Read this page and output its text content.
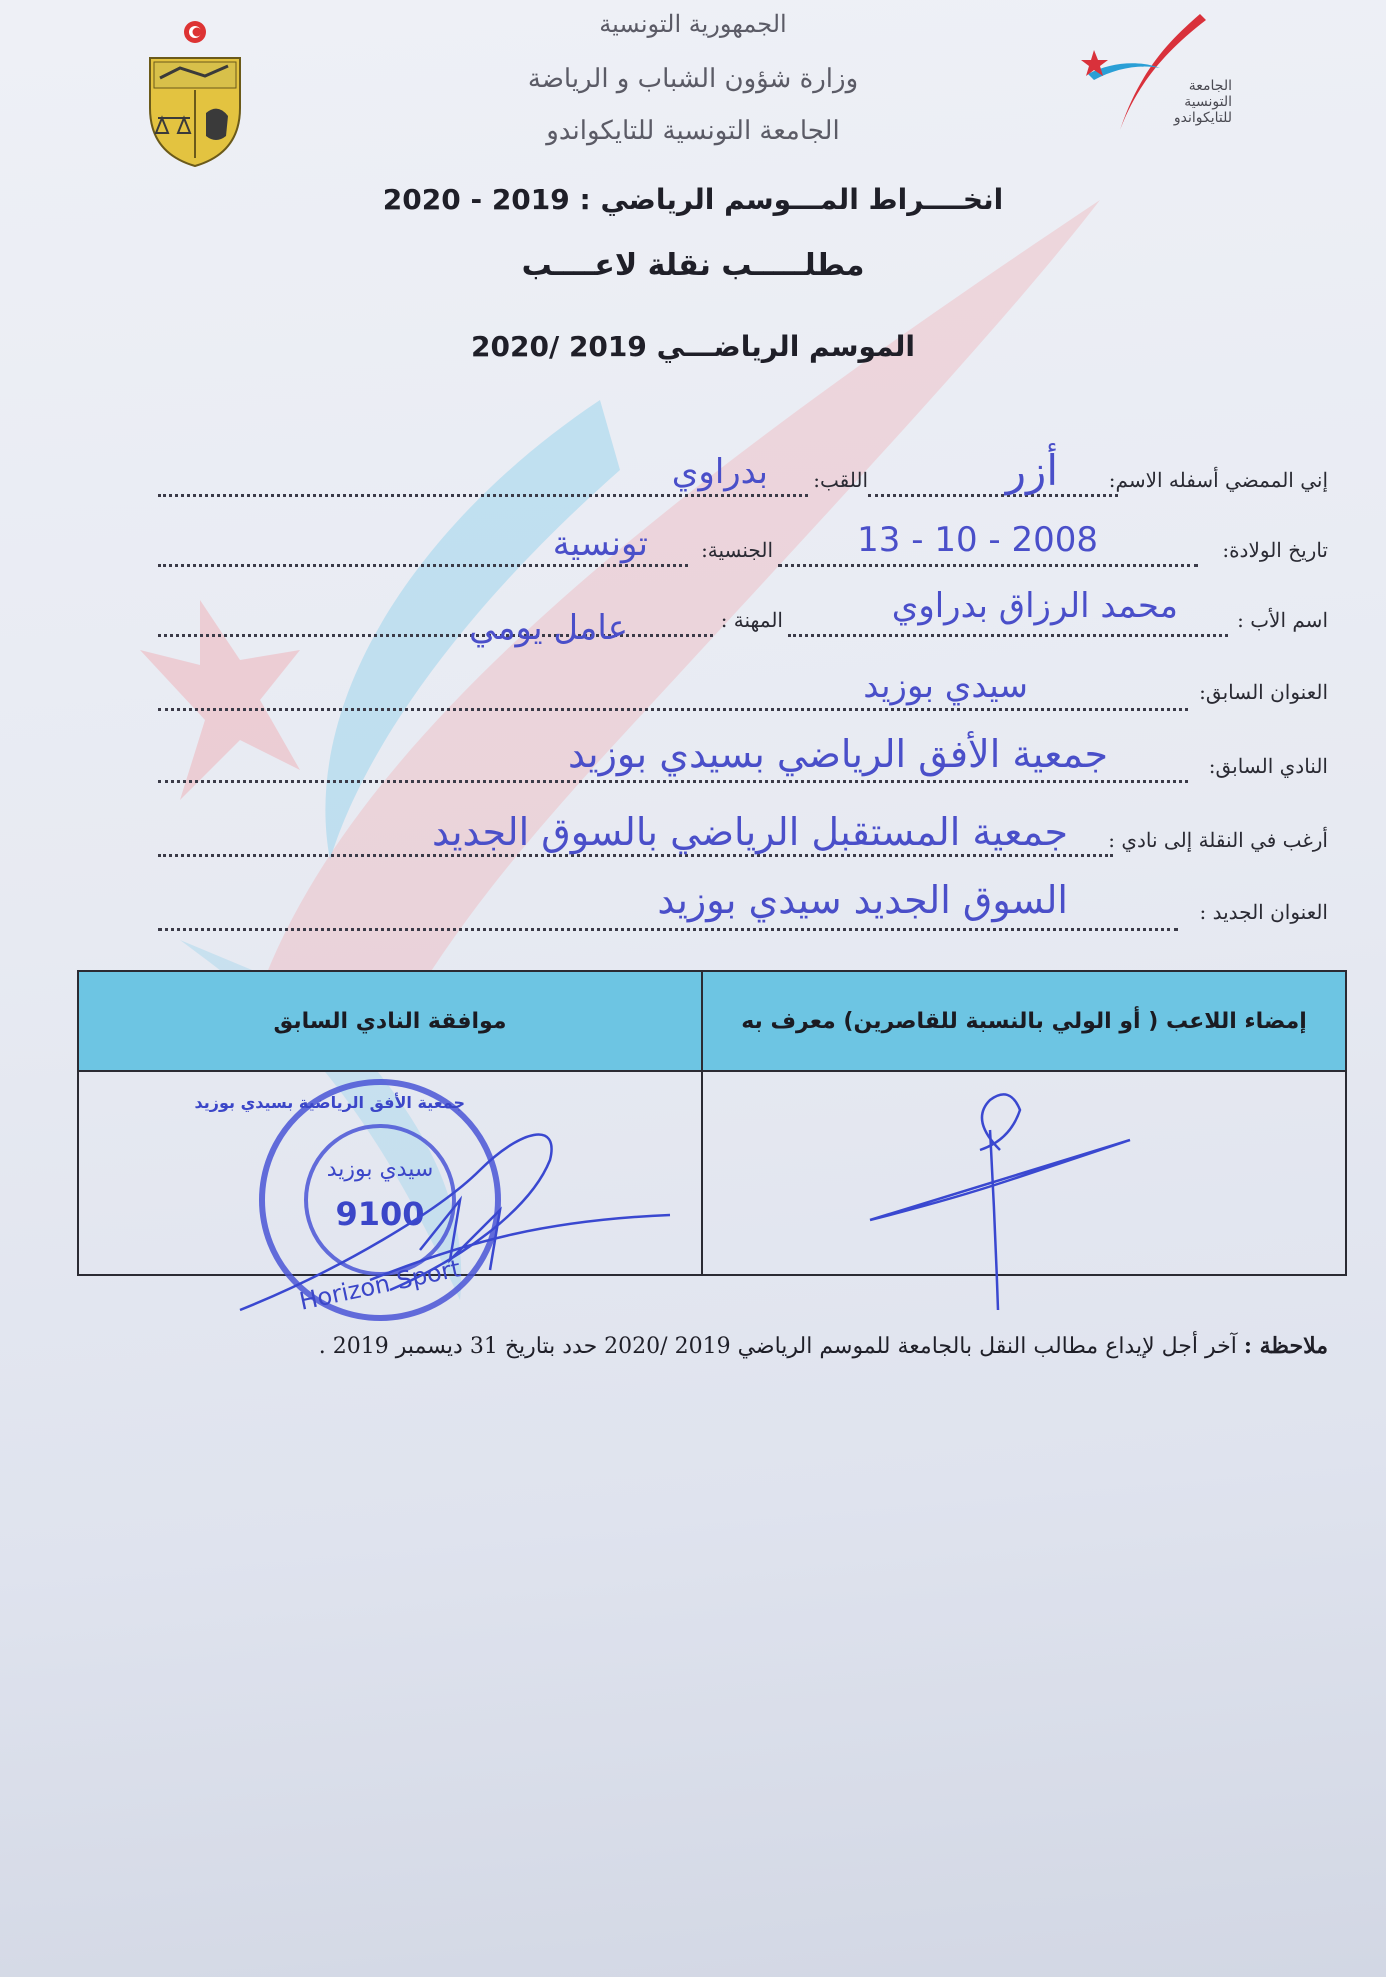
الجامعة
التونسية
للتايكواندو
الجمهورية التونسية
وزارة شؤون الشباب و الرياضة
الجامعة التونسية للتايكواندو
انخــــراط المـــوسم الرياضي : 2019 - 2020
مطلـــــب نقلة لاعــــب
الموسم الرياضـــي 2019 /2020
إني الممضي أسفله الاسم:
أزر
اللقب:
بدراوي
تاريخ الولادة:
13 - 10 - 2008
الجنسية:
تونسية
اسم الأب :
محمد الرزاق بدراوي
المهنة :
عامل يومي
العنوان السابق:
سيدي بوزيد
النادي السابق:
جمعية الأفق الرياضي بسيدي بوزيد
أرغب في النقلة إلى نادي :
جمعية المستقبل الرياضي بالسوق الجديد
العنوان الجديد :
السوق الجديد سيدي بوزيد
إمضاء اللاعب ( أو الولي بالنسبة للقاصرين) معرف به	موافقة النادي السابق

جمعية الأفق الرياضية بسيدي بوزيد
سيدي بوزيد
9100
Horizon Sport
ملاحظة : آخر أجل لإيداع مطالب النقل بالجامعة للموسم الرياضي 2019 /2020 حدد بتاريخ 31 ديسمبر 2019 .
